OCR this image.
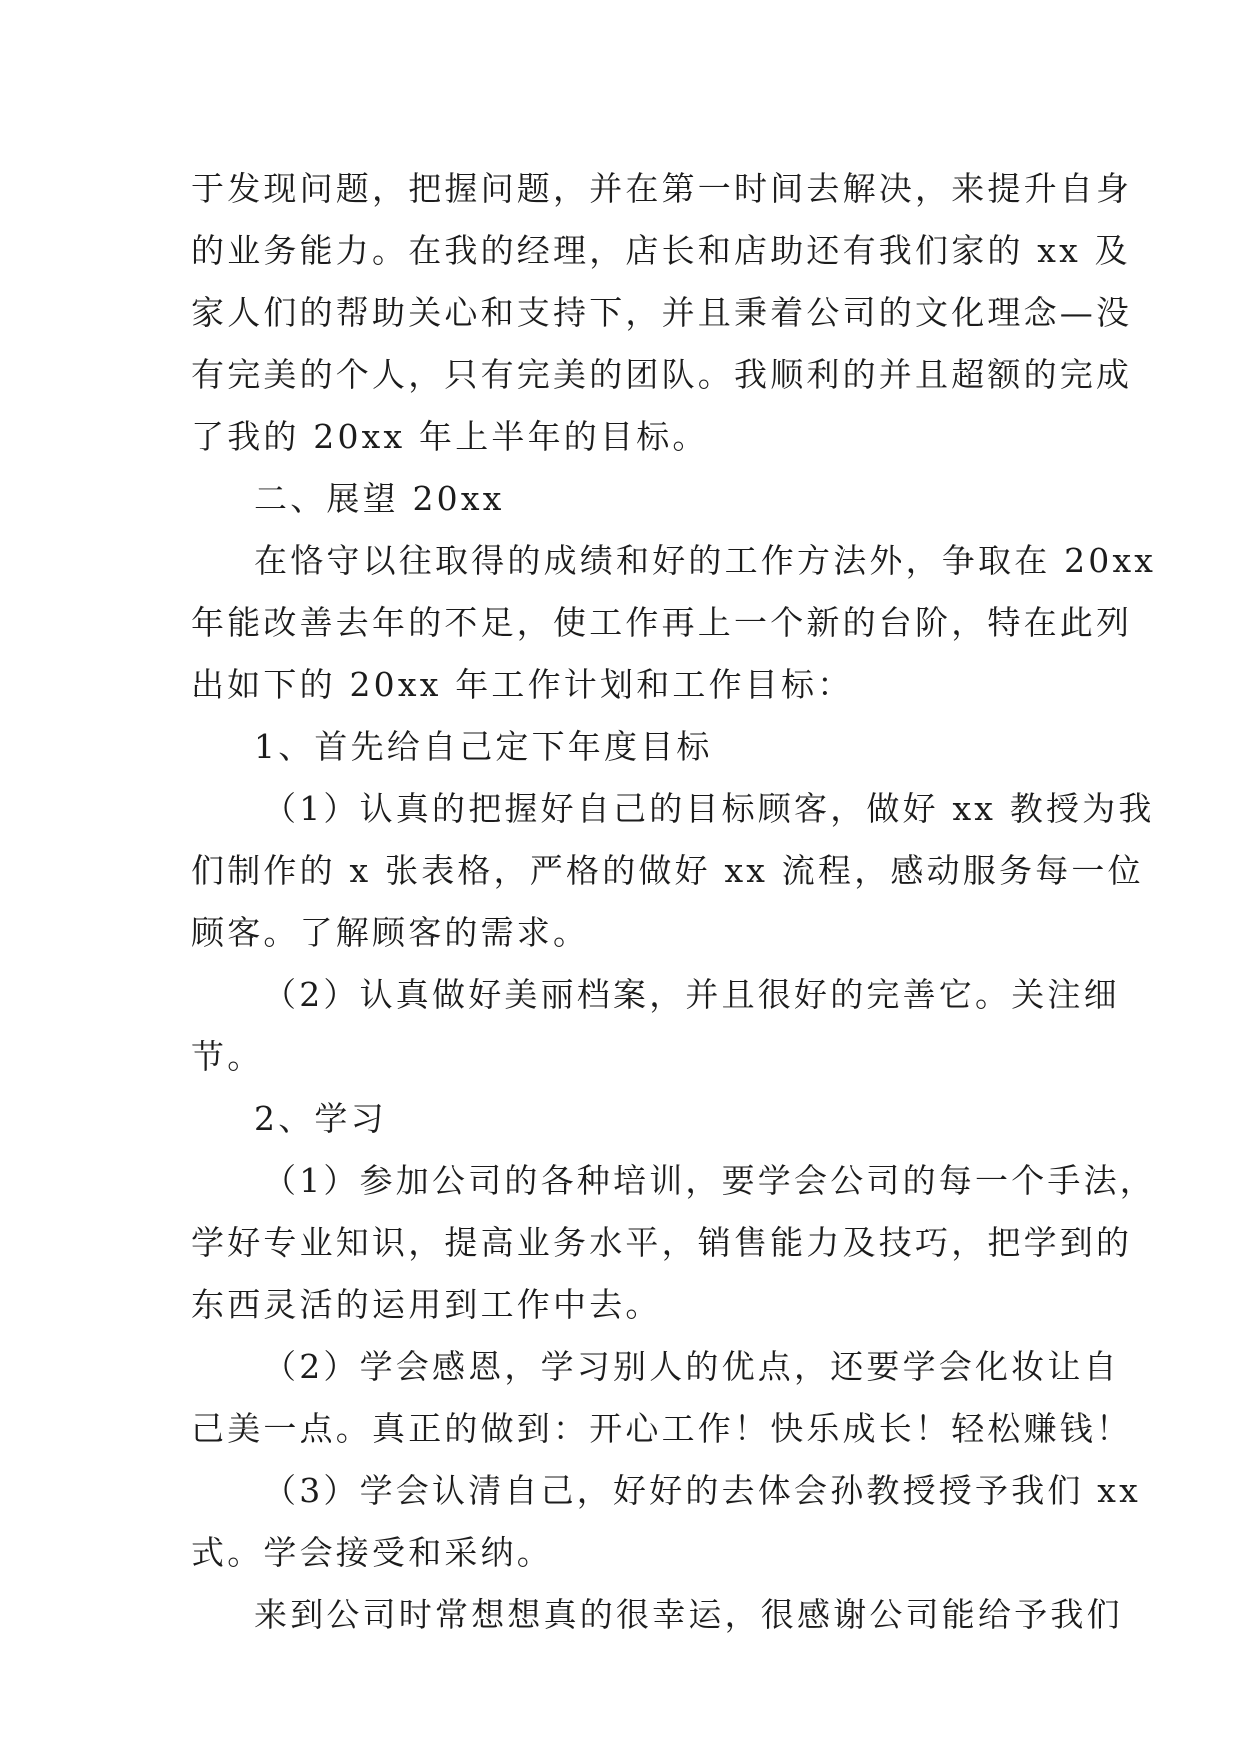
于发现问题，把握问题，并在第一时间去解决，来提升自身
的业务能力。在我的经理，店长和店助还有我们家的 xx 及
家人们的帮助关心和支持下，并且秉着公司的文化理念—没
有完美的个人，只有完美的团队。我顺利的并且超额的完成
了我的 20xx 年上半年的目标。
二、展望 20xx
在恪守以往取得的成绩和好的工作方法外，争取在 20xx
年能改善去年的不足，使工作再上一个新的台阶，特在此列
出如下的 20xx 年工作计划和工作目标：
1、首先给自己定下年度目标
（1）认真的把握好自己的目标顾客，做好 xx 教授为我
们制作的 x 张表格，严格的做好 xx 流程，感动服务每一位
顾客。了解顾客的需求。
（2）认真做好美丽档案，并且很好的完善它。关注细
节。
2、学习
（1）参加公司的各种培训，要学会公司的每一个手法，
学好专业知识，提高业务水平，销售能力及技巧，把学到的
东西灵活的运用到工作中去。
（2）学会感恩，学习别人的优点，还要学会化妆让自
己美一点。真正的做到：开心工作！快乐成长！轻松赚钱！
（3）学会认清自己，好好的去体会孙教授授予我们 xx
式。学会接受和采纳。
来到公司时常想想真的很幸运，很感谢公司能给予我们
